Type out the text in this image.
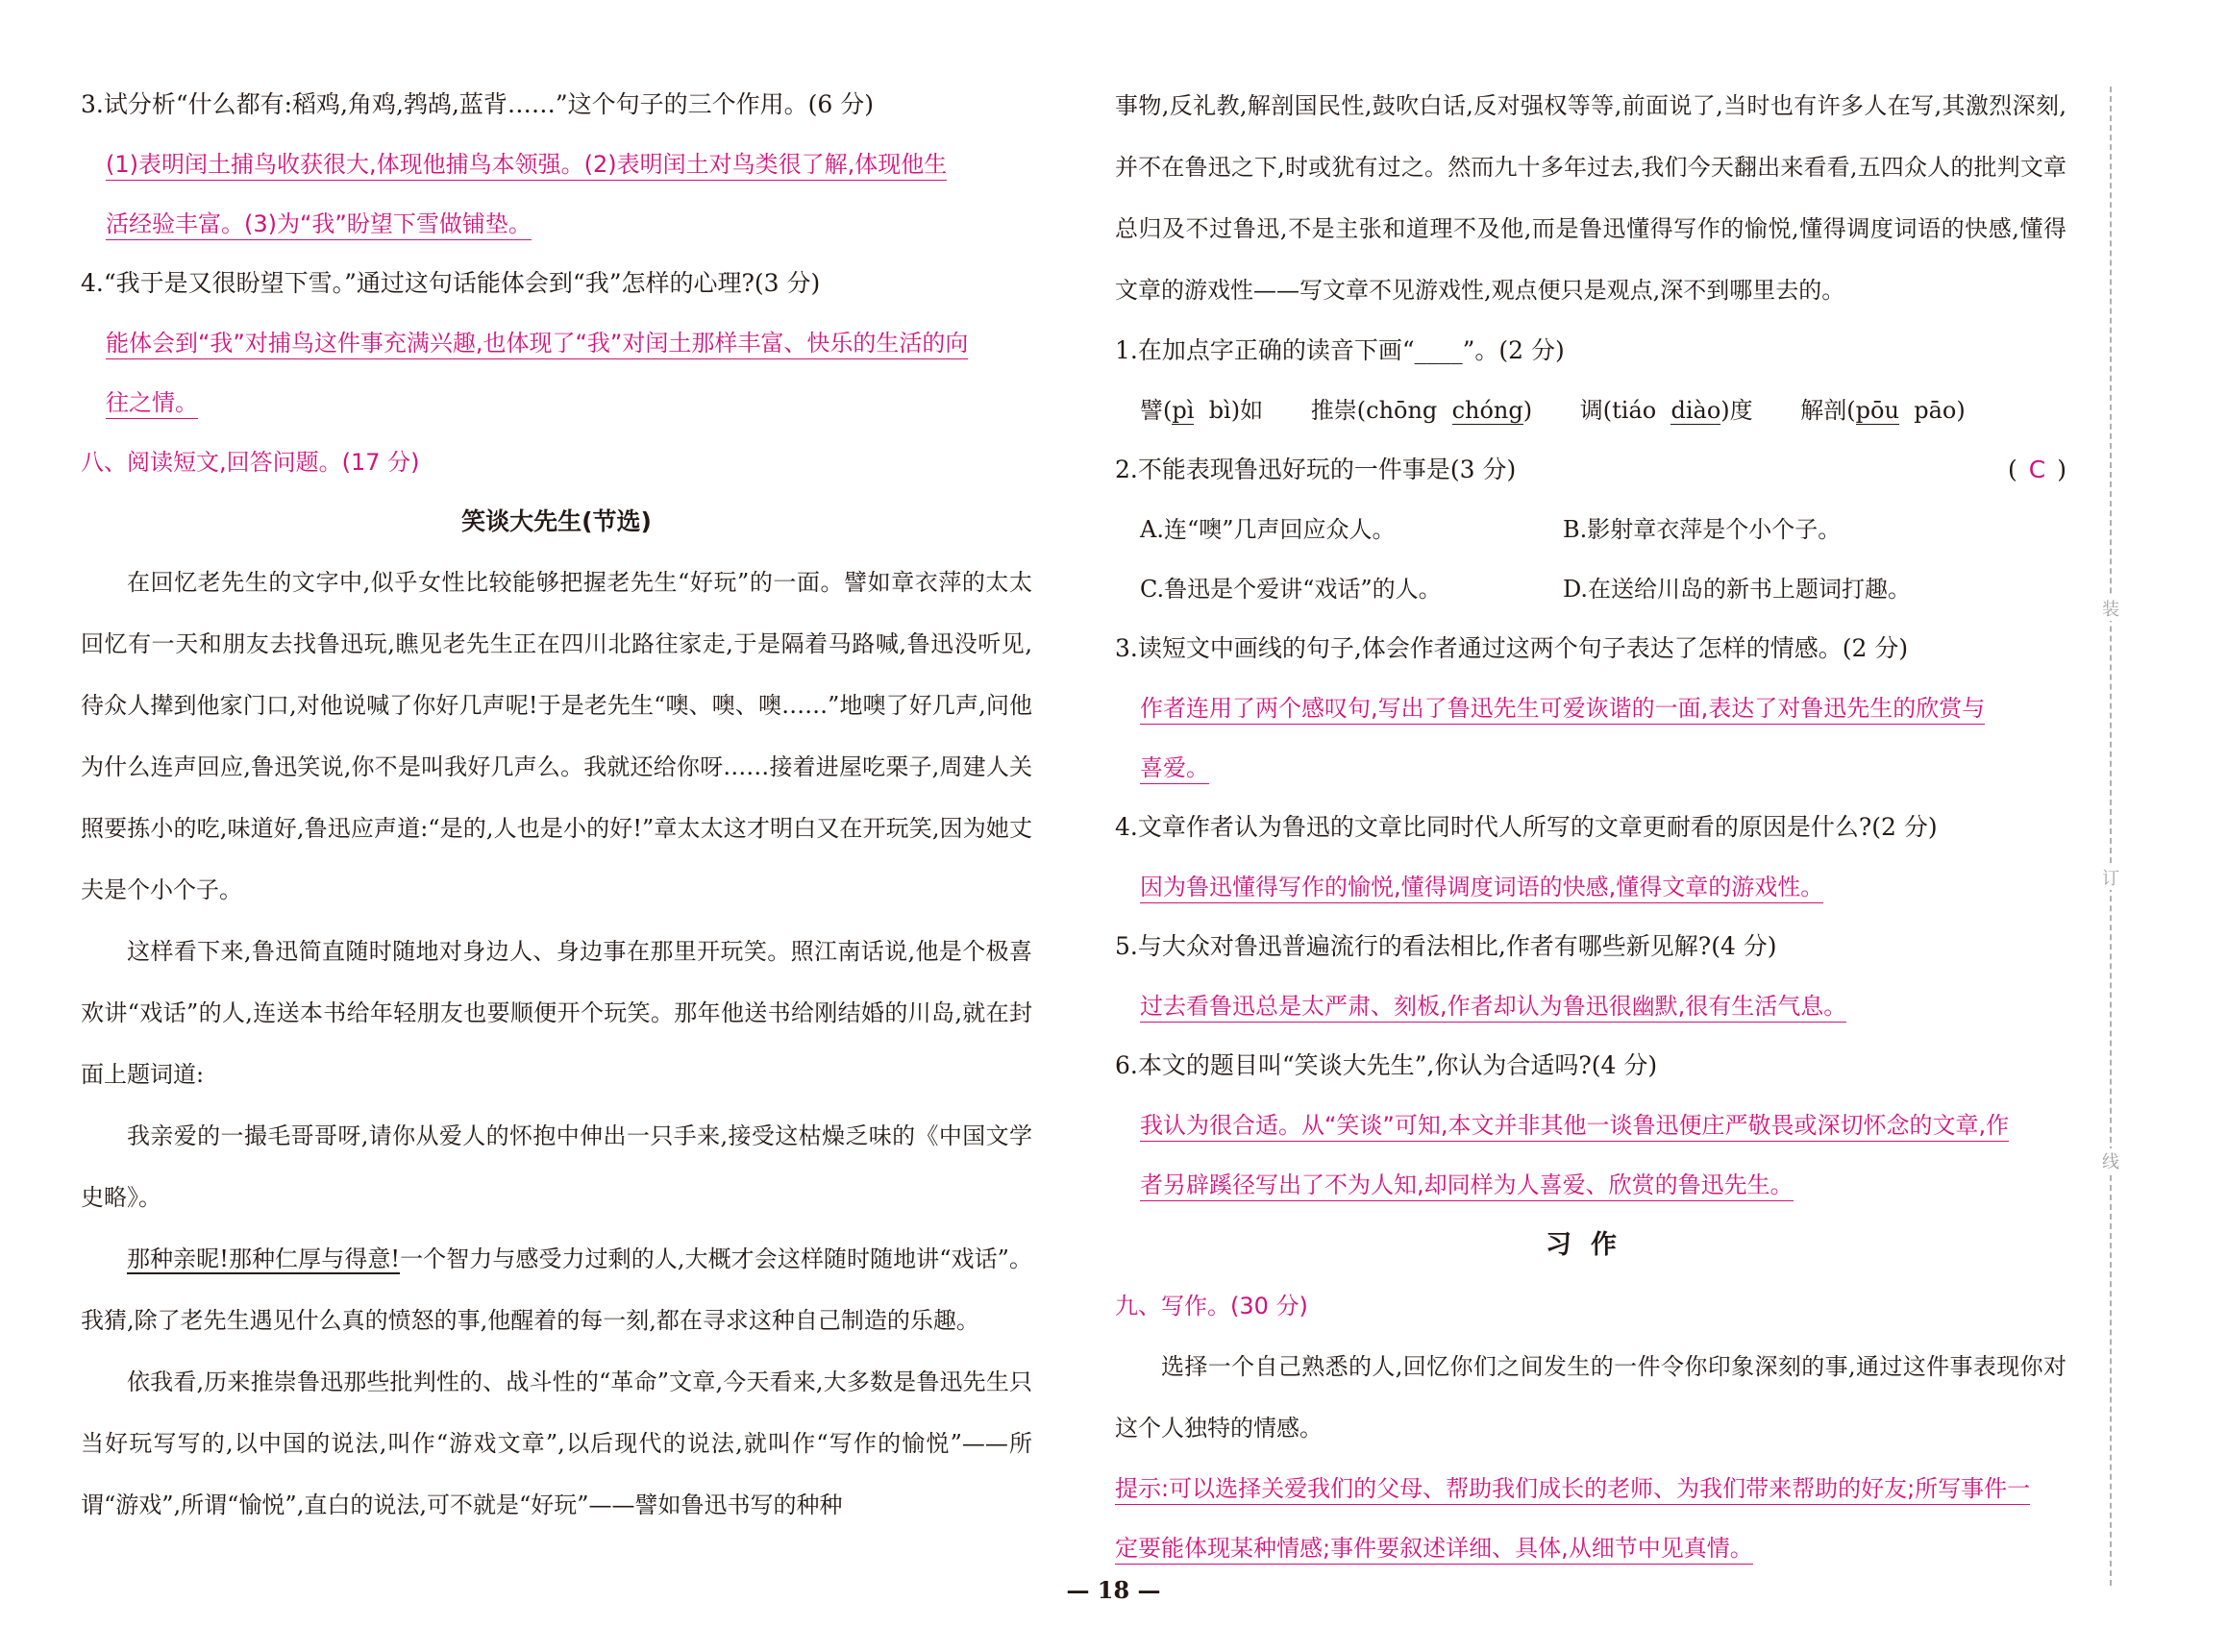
3.试分析“什么都有:稻鸡,角鸡,鹁鸪,蓝背……”这个句子的三个作用。(6 分)
(1)表明闰土捕鸟收获很大,体现他捕鸟本领强。(2)表明闰土对鸟类很了解,体现他生
活经验丰富。(3)为“我”盼望下雪做铺垫。
4.“我于是又很盼望下雪。”通过这句话能体会到“我”怎样的心理?(3 分)
能体会到“我”对捕鸟这件事充满兴趣,也体现了“我”对闰土那样丰富、快乐的生活的向
往之情。
八、阅读短文,回答问题。(17 分)
笑谈大先生(节选)
在回忆老先生的文字中,似乎女性比较能够把握老先生“好玩”的一面。譬如章衣萍的太太回忆有一天和朋友去找鲁迅玩,瞧见老先生正在四川北路往家走,于是隔着马路喊,鲁迅没听见,待众人撵到他家门口,对他说喊了你好几声呢!于是老先生“噢、噢、噢……”地噢了好几声,问他为什么连声回应,鲁迅笑说,你不是叫我好几声么。我就还给你呀……接着进屋吃栗子,周建人关照要拣小的吃,味道好,鲁迅应声道:“是的,人也是小的好!”章太太这才明白又在开玩笑,因为她丈夫是个小个子。
这样看下来,鲁迅简直随时随地对身边人、身边事在那里开玩笑。照江南话说,他是个极喜欢讲“戏话”的人,连送本书给年轻朋友也要顺便开个玩笑。那年他送书给刚结婚的川岛,就在封面上题词道:
我亲爱的一撮毛哥哥呀,请你从爱人的怀抱中伸出一只手来,接受这枯燥乏味的《中国文学史略》。
那种亲昵!那种仁厚与得意!一个智力与感受力过剩的人,大概才会这样随时随地讲“戏话”。我猜,除了老先生遇见什么真的愤怒的事,他醒着的每一刻,都在寻求这种自己制造的乐趣。
依我看,历来推崇鲁迅那些批判性的、战斗性的“革命”文章,今天看来,大多数是鲁迅先生只当好玩写写的,以中国的说法,叫作“游戏文章”,以后现代的说法,就叫作“写作的愉悦”——所谓“游戏”,所谓“愉悦”,直白的说法,可不就是“好玩”——譬如鲁迅书写的种种
事物,反礼教,解剖国民性,鼓吹白话,反对强权等等,前面说了,当时也有许多人在写,其激烈深刻,并不在鲁迅之下,时或犹有过之。然而九十多年过去,我们今天翻出来看看,五四众人的批判文章总归及不过鲁迅,不是主张和道理不及他,而是鲁迅懂得写作的愉悦,懂得调度词语的快感,懂得文章的游戏性——写文章不见游戏性,观点便只是观点,深不到哪里去的。
1.在加点字正确的读音下画“____”。(2 分)
譬(pì bì)如 推崇(chōng chóng) 调(tiáo diào)度 解剖(pōu pāo)
2.不能表现鲁迅好玩的一件事是(3 分)	( C )
A.连“噢”几声回应众人。	B.影射章衣萍是个小个子。
C.鲁迅是个爱讲“戏话”的人。	D.在送给川岛的新书上题词打趣。
3.读短文中画线的句子,体会作者通过这两个句子表达了怎样的情感。(2 分)
作者连用了两个感叹句,写出了鲁迅先生可爱诙谐的一面,表达了对鲁迅先生的欣赏与
喜爱。
4.文章作者认为鲁迅的文章比同时代人所写的文章更耐看的原因是什么?(2 分)
因为鲁迅懂得写作的愉悦,懂得调度词语的快感,懂得文章的游戏性。
5.与大众对鲁迅普遍流行的看法相比,作者有哪些新见解?(4 分)
过去看鲁迅总是太严肃、刻板,作者却认为鲁迅很幽默,很有生活气息。
6.本文的题目叫“笑谈大先生”,你认为合适吗?(4 分)
我认为很合适。从“笑谈”可知,本文并非其他一谈鲁迅便庄严敬畏或深切怀念的文章,作
者另辟蹊径写出了不为人知,却同样为人喜爱、欣赏的鲁迅先生。
习作
九、写作。(30 分)
选择一个自己熟悉的人,回忆你们之间发生的一件令你印象深刻的事,通过这件事表现你对这个人独特的情感。
提示:可以选择关爱我们的父母、帮助我们成长的老师、为我们带来帮助的好友;所写事件一
定要能体现某种情感;事件要叙述详细、具体,从细节中见真情。
装
订
线
— 18 —
